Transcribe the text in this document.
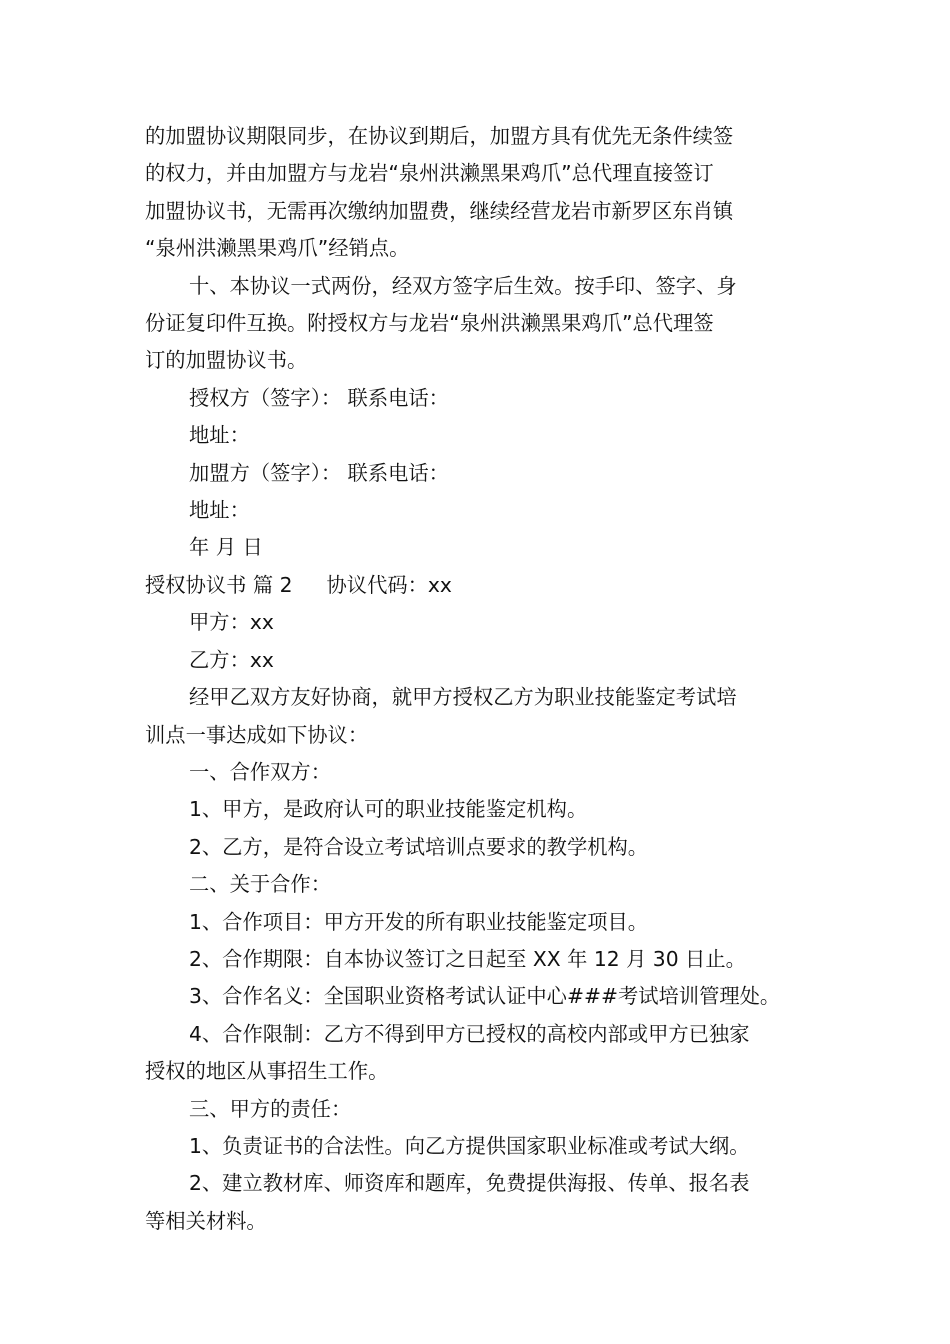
的加盟协议期限同步，在协议到期后，加盟方具有优先无条件续签

的权力，并由加盟方与龙岩“泉州洪濑黑果鸡爪”总代理直接签订

加盟协议书，无需再次缴纳加盟费，继续经营龙岩市新罗区东肖镇

“泉州洪濑黑果鸡爪”经销点。

十、本协议一式两份，经双方签字后生效。按手印、签字、身

份证复印件互换。附授权方与龙岩“泉州洪濑黑果鸡爪”总代理签

订的加盟协议书。

授权方（签字）： 联系电话：

地址：

加盟方（签字）： 联系电话：

地址：

年 月 日

授权协议书 篇 2 协议代码：xx

甲方：xx

乙方：xx

经甲乙双方友好协商，就甲方授权乙方为职业技能鉴定考试培

训点一事达成如下协议：

一、合作双方：

1、甲方，是政府认可的职业技能鉴定机构。

2、乙方，是符合设立考试培训点要求的教学机构。

二、关于合作：

1、合作项目：甲方开发的所有职业技能鉴定项目。

2、合作期限：自本协议签订之日起至 XX 年 12 月 30 日止。

3、合作名义：全国职业资格考试认证中心###考试培训管理处。

4、合作限制：乙方不得到甲方已授权的高校内部或甲方已独家

授权的地区从事招生工作。

三、甲方的责任：

1、负责证书的合法性。向乙方提供国家职业标准或考试大纲。

2、建立教材库、师资库和题库，免费提供海报、传单、报名表

等相关材料。
